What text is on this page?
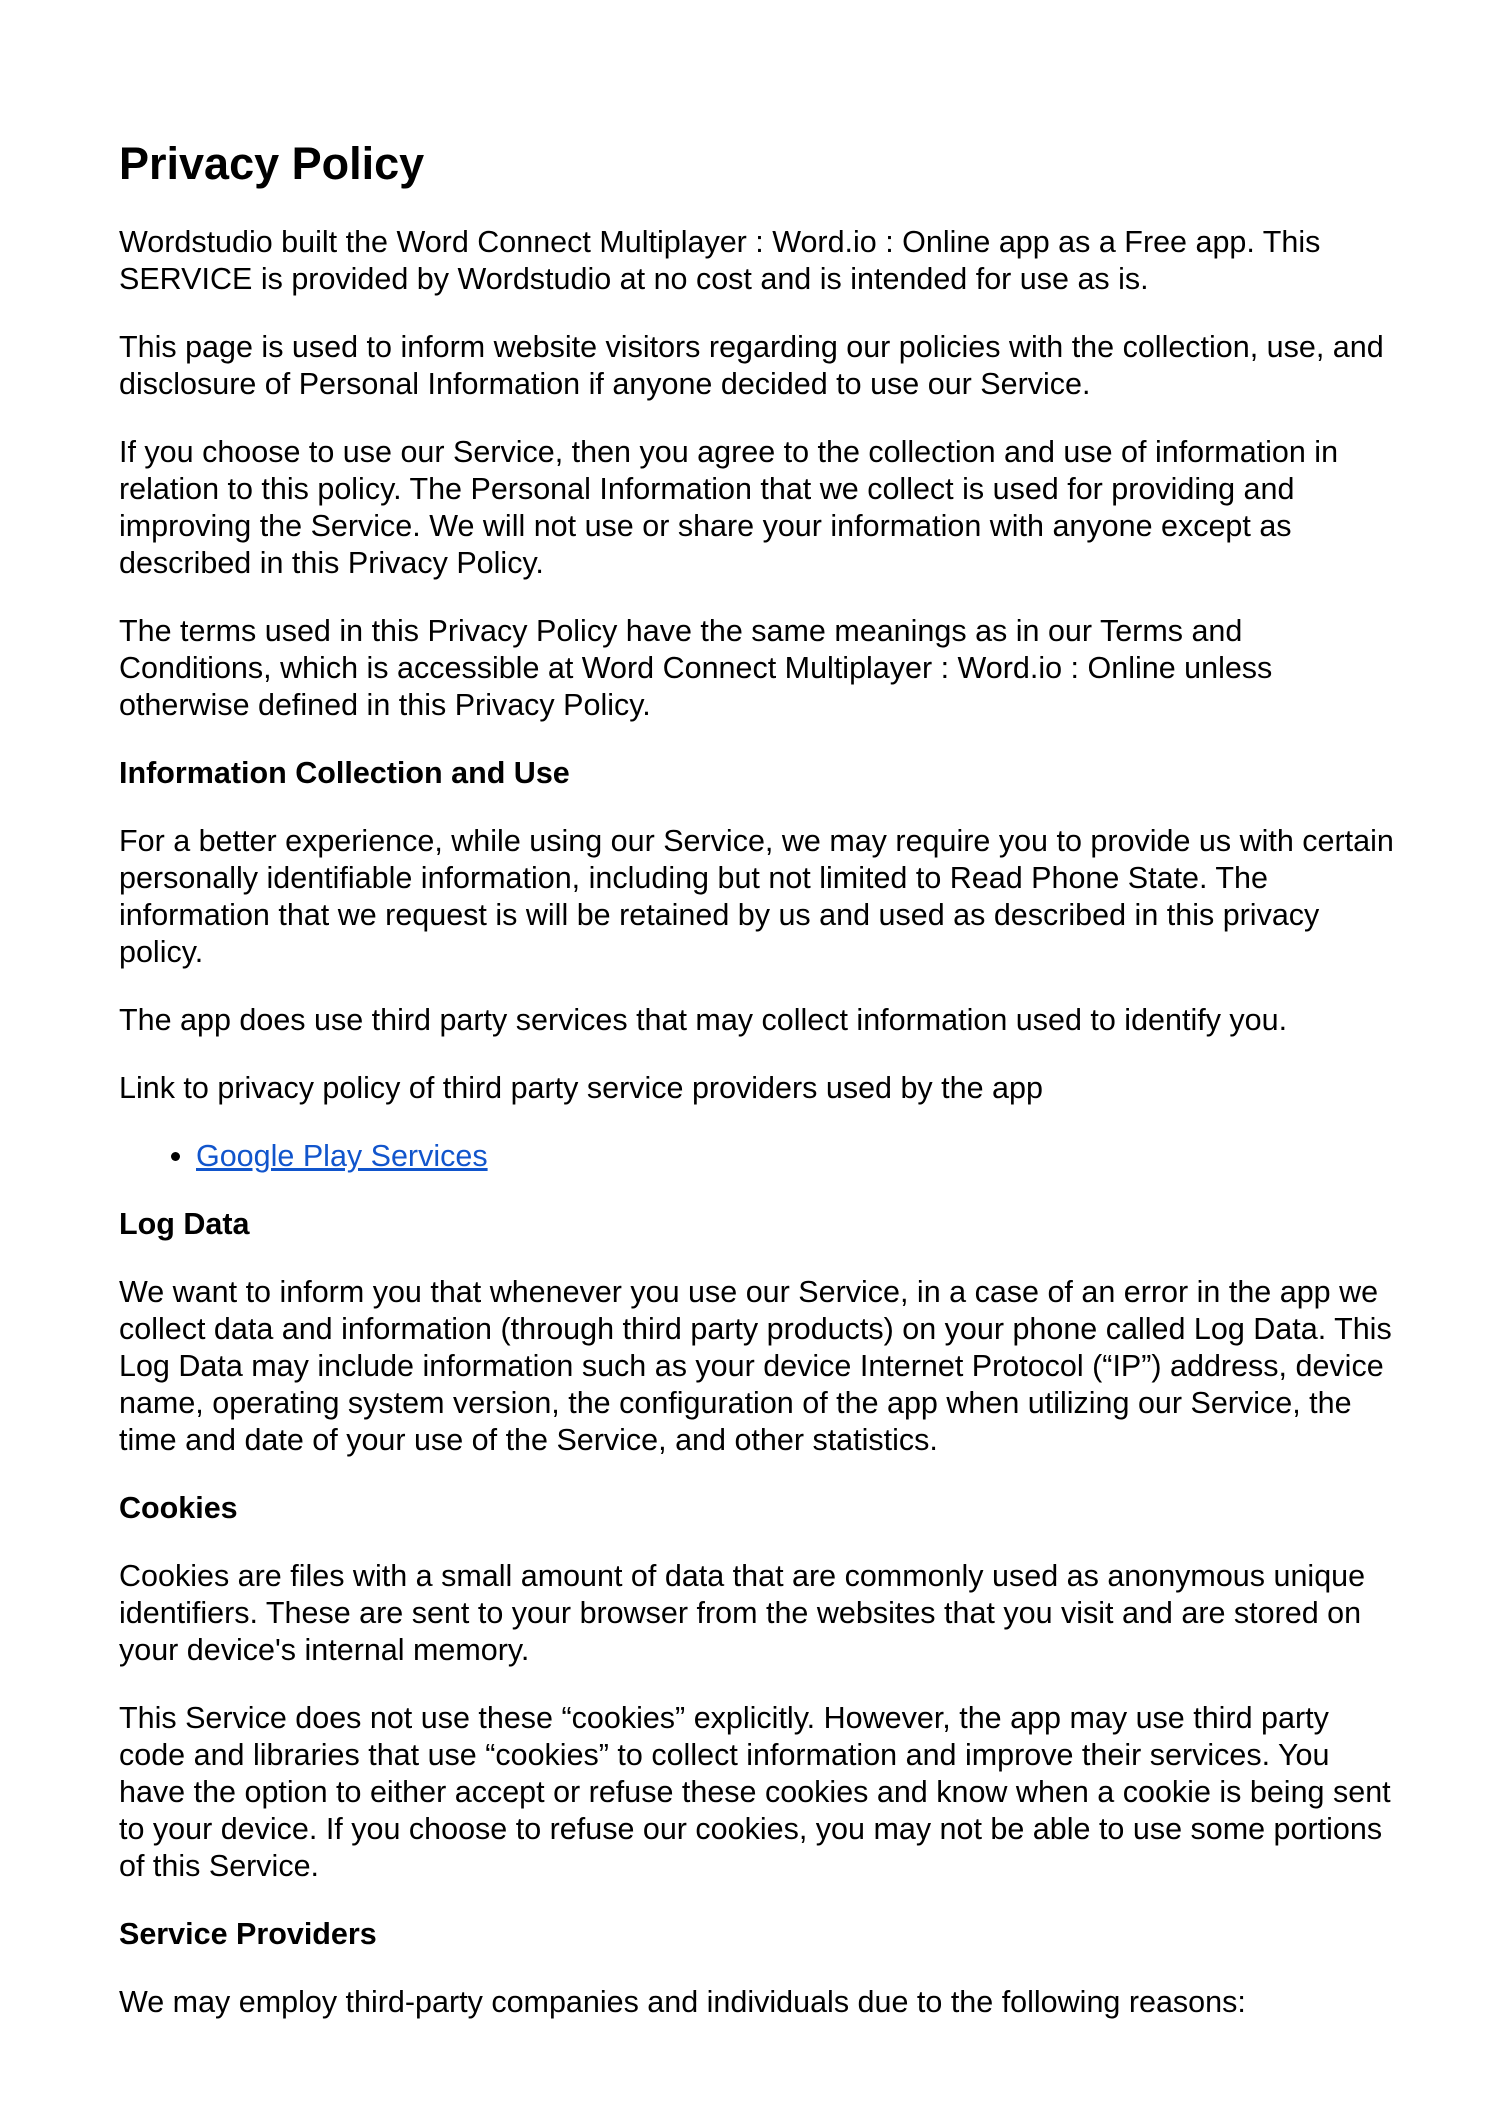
Privacy Policy

Wordstudio built the Word Connect Multiplayer : Word.io : Online app as a Free app. This SERVICE is provided by Wordstudio at no cost and is intended for use as is.

This page is used to inform website visitors regarding our policies with the collection, use, and disclosure of Personal Information if anyone decided to use our Service.

If you choose to use our Service, then you agree to the collection and use of information in relation to this policy. The Personal Information that we collect is used for providing and improving the Service. We will not use or share your information with anyone except as described in this Privacy Policy.

The terms used in this Privacy Policy have the same meanings as in our Terms and Conditions, which is accessible at Word Connect Multiplayer : Word.io : Online unless otherwise defined in this Privacy Policy.

Information Collection and Use

For a better experience, while using our Service, we may require you to provide us with certain personally identifiable information, including but not limited to Read Phone State. The information that we request is will be retained by us and used as described in this privacy policy.

The app does use third party services that may collect information used to identify you.

Link to privacy policy of third party service providers used by the app

• Google Play Services
Log Data

We want to inform you that whenever you use our Service, in a case of an error in the app we collect data and information (through third party products) on your phone called Log Data. This Log Data may include information such as your device Internet Protocol (“IP”) address, device name, operating system version, the configuration of the app when utilizing our Service, the time and date of your use of the Service, and other statistics.

Cookies

Cookies are files with a small amount of data that are commonly used as anonymous unique identifiers. These are sent to your browser from the websites that you visit and are stored on your device's internal memory.

This Service does not use these “cookies” explicitly. However, the app may use third party code and libraries that use “cookies” to collect information and improve their services. You have the option to either accept or refuse these cookies and know when a cookie is being sent to your device. If you choose to refuse our cookies, you may not be able to use some portions of this Service.

Service Providers

We may employ third-party companies and individuals due to the following reasons:
